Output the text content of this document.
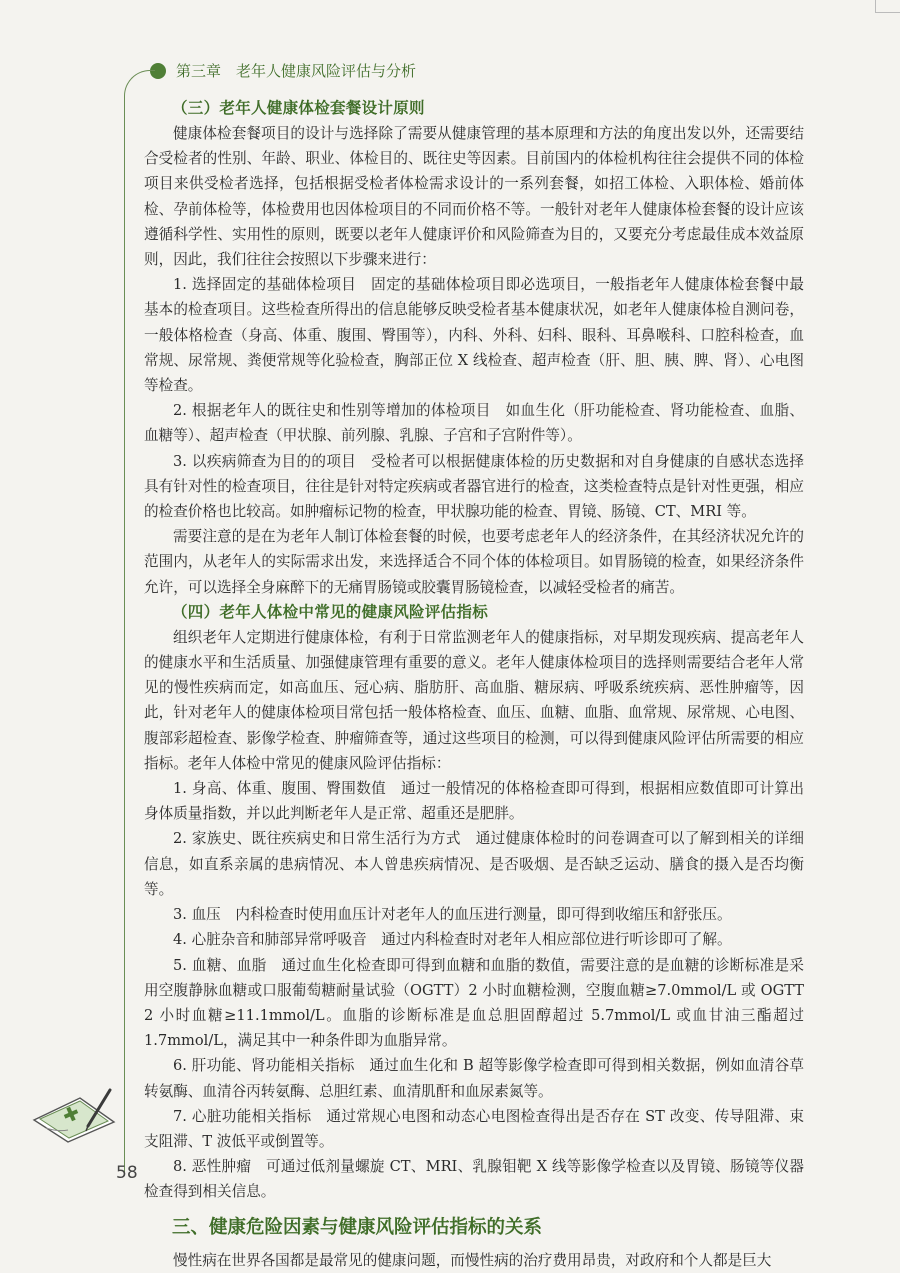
第三章　老年人健康风险评估与分析
（三）老年人健康体检套餐设计原则

健康体检套餐项目的设计与选择除了需要从健康管理的基本原理和方法的角度出发以外，还需要结合受检者的性别、年龄、职业、体检目的、既往史等因素。目前国内的体检机构往往会提供不同的体检项目来供受检者选择，包括根据受检者体检需求设计的一系列套餐，如招工体检、入职体检、婚前体检、孕前体检等，体检费用也因体检项目的不同而价格不等。一般针对老年人健康体检套餐的设计应该遵循科学性、实用性的原则，既要以老年人健康评价和风险筛查为目的，又要充分考虑最佳成本效益原则，因此，我们往往会按照以下步骤来进行：

1. 选择固定的基础体检项目　固定的基础体检项目即必选项目，一般指老年人健康体检套餐中最基本的检查项目。这些检查所得出的信息能够反映受检者基本健康状况，如老年人健康体检自测问卷，一般体格检查（身高、体重、腹围、臀围等），内科、外科、妇科、眼科、耳鼻喉科、口腔科检查，血常规、尿常规、粪便常规等化验检查，胸部正位 X 线检查、超声检查（肝、胆、胰、脾、肾）、心电图等检查。

2. 根据老年人的既往史和性别等增加的体检项目　如血生化（肝功能检查、肾功能检查、血脂、血糖等）、超声检查（甲状腺、前列腺、乳腺、子宫和子宫附件等）。

3. 以疾病筛查为目的的项目　受检者可以根据健康体检的历史数据和对自身健康的自感状态选择具有针对性的检查项目，往往是针对特定疾病或者器官进行的检查，这类检查特点是针对性更强，相应的检查价格也比较高。如肿瘤标记物的检查，甲状腺功能的检查、胃镜、肠镜、CT、MRI 等。

需要注意的是在为老年人制订体检套餐的时候，也要考虑老年人的经济条件，在其经济状况允许的范围内，从老年人的实际需求出发，来选择适合不同个体的体检项目。如胃肠镜的检查，如果经济条件允许，可以选择全身麻醉下的无痛胃肠镜或胶囊胃肠镜检查，以减轻受检者的痛苦。

（四）老年人体检中常见的健康风险评估指标

组织老年人定期进行健康体检，有利于日常监测老年人的健康指标，对早期发现疾病、提高老年人的健康水平和生活质量、加强健康管理有重要的意义。老年人健康体检项目的选择则需要结合老年人常见的慢性疾病而定，如高血压、冠心病、脂肪肝、高血脂、糖尿病、呼吸系统疾病、恶性肿瘤等，因此，针对老年人的健康体检项目常包括一般体格检查、血压、血糖、血脂、血常规、尿常规、心电图、腹部彩超检查、影像学检查、肿瘤筛查等，通过这些项目的检测，可以得到健康风险评估所需要的相应指标。老年人体检中常见的健康风险评估指标：

1. 身高、体重、腹围、臀围数值　通过一般情况的体格检查即可得到，根据相应数值即可计算出身体质量指数，并以此判断老年人是正常、超重还是肥胖。

2. 家族史、既往疾病史和日常生活行为方式　通过健康体检时的问卷调查可以了解到相关的详细信息，如直系亲属的患病情况、本人曾患疾病情况、是否吸烟、是否缺乏运动、膳食的摄入是否均衡等。

3. 血压　内科检查时使用血压计对老年人的血压进行测量，即可得到收缩压和舒张压。

4. 心脏杂音和肺部异常呼吸音　通过内科检查时对老年人相应部位进行听诊即可了解。

5. 血糖、血脂　通过血生化检查即可得到血糖和血脂的数值，需要注意的是血糖的诊断标准是采用空腹静脉血糖或口服葡萄糖耐量试验（OGTT）2 小时血糖检测，空腹血糖≥7.0mmol/L 或 OGTT 2 小时血糖≥11.1mmol/L。血脂的诊断标准是血总胆固醇超过 5.7mmol/L 或血甘油三酯超过 1.7mmol/L，满足其中一种条件即为血脂异常。

6. 肝功能、肾功能相关指标　通过血生化和 B 超等影像学检查即可得到相关数据，例如血清谷草转氨酶、血清谷丙转氨酶、总胆红素、血清肌酐和血尿素氮等。

7. 心脏功能相关指标　通过常规心电图和动态心电图检查得出是否存在 ST 改变、传导阻滞、束支阻滞、T 波低平或倒置等。

8. 恶性肿瘤　可通过低剂量螺旋 CT、MRI、乳腺钼靶 X 线等影像学检查以及胃镜、肠镜等仪器检查得到相关信息。

三、健康危险因素与健康风险评估指标的关系

慢性病在世界各国都是最常见的健康问题，而慢性病的治疗费用昂贵，对政府和个人都是巨大

58
